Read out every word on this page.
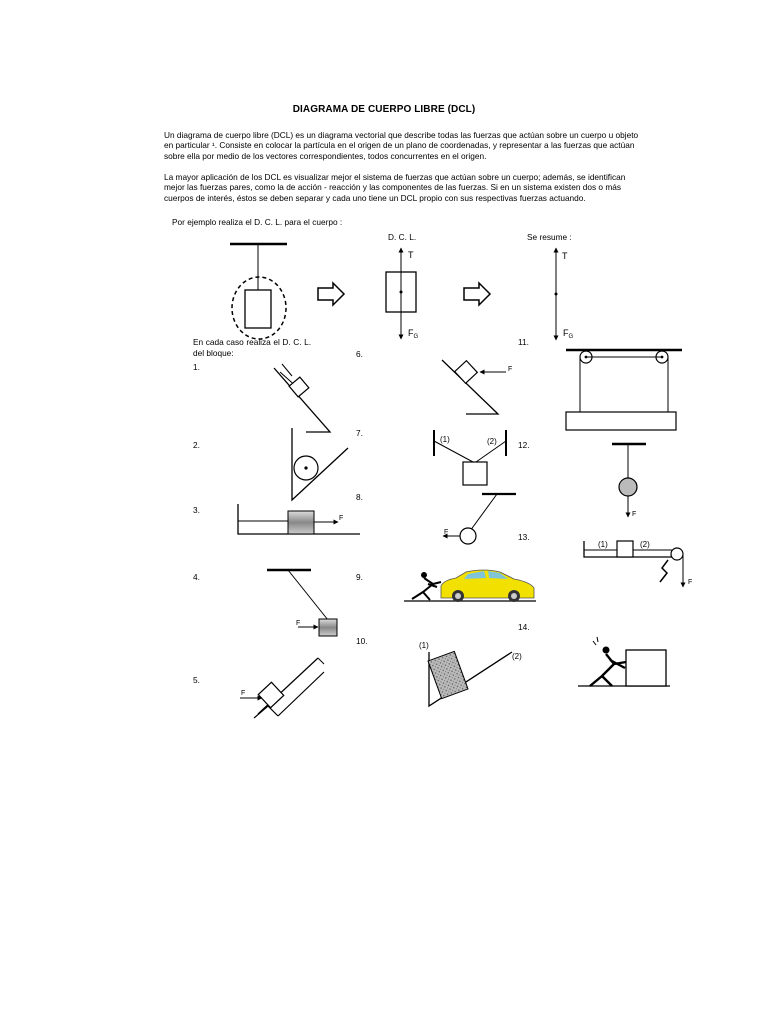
DIAGRAMA DE CUERPO LIBRE (DCL)

Un diagrama de cuerpo libre (DCL) es un diagrama vectorial que describe todas las fuerzas que actúan sobre un cuerpo u objeto en particular ¹. Consiste en colocar la partícula en el origen de un plano de coordenadas, y representar a las fuerzas que actúan sobre ella por medio de los vectores correspondientes, todos concurrentes en el origen.

La mayor aplicación de los DCL es visualizar mejor el sistema de fuerzas que actúan sobre un cuerpo; además, se identifican mejor las fuerzas pares, como la de acción - reacción y las componentes de las fuerzas. Si en un sistema existen dos o más cuerpos de interés, éstos se deben separar y cada uno tiene un DCL propio con sus respectivas fuerzas actuando.

Por ejemplo realiza el D. C. L. para el cuerpo :

D. C. L.	Se resume :
En cada caso realiza el D. C. L. del bloque:
1.
2.
3.
4.
5.
6.
7.
8.
9.
10.
11.
12.
13.
14.
T
$F_G$
T
$F_G$
F
F
F
F
(1)	(2)
F
(1)
(2)
F
(1)	(2)
F
